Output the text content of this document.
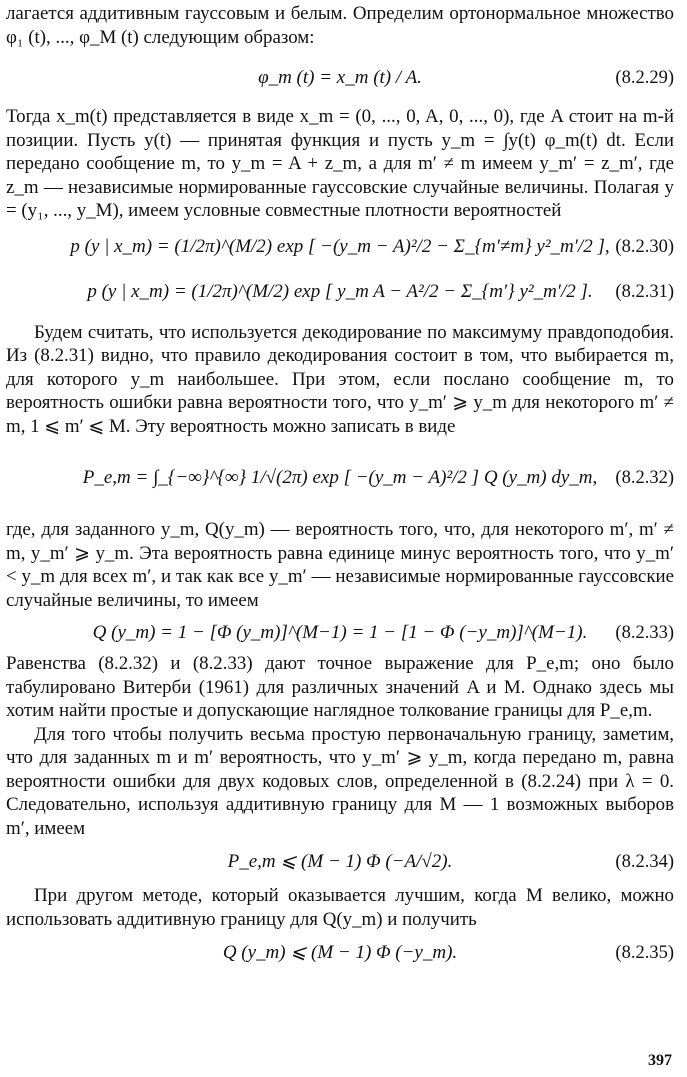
лагается аддитивным гауссовым и белым. Определим ортонормальное множество φ₁ (t), ..., φ_M (t) следующим образом:

φ_m (t) = x_m (t) / A.	(8.2.29)

Тогда x_m(t) представляется в виде x_m = (0, ..., 0, A, 0, ..., 0), где A стоит на m-й позиции. Пусть y(t) — принятая функция и пусть y_m = ∫y(t) φ_m(t) dt. Если передано сообщение m, то y_m = A + z_m, а для m′ ≠ m имеем y_m′ = z_m′, где z_m — независимые нормированные гауссовские случайные величины. Полагая y = (y₁, ..., y_M), имеем условные совместные плотности вероятностей

p (y | x_m) = (1/2π)^(M/2) exp [ −(y_m − A)²/2 − Σ_{m′≠m} y²_m′/2 ], (8.2.30)
p (y | x_m) = (1/2π)^(M/2) exp [ y_m A − A²/2 − Σ_{m′} y²_m′/2 ]. (8.2.31)

Будем считать, что используется декодирование по максимуму правдоподобия. Из (8.2.31) видно, что правило декодирования состоит в том, что выбирается m, для которого y_m наибольшее. При этом, если послано сообщение m, то вероятность ошибки равна вероятности того, что y_m′ ⩾ y_m для некоторого m′ ≠ m, 1 ⩽ m′ ⩽ M. Эту вероятность можно записать в виде

P_e,m = ∫_{−∞}^{∞} 1/√(2π) exp [ −(y_m − A)²/2 ] Q (y_m) dy_m, (8.2.32)

где, для заданного y_m, Q(y_m) — вероятность того, что, для некоторого m′, m′ ≠ m, y_m′ ⩾ y_m. Эта вероятность равна единице минус вероятность того, что y_m′ < y_m для всех m′, и так как все y_m′ — независимые нормированные гауссовские случайные величины, то имеем

Q (y_m) = 1 − [Φ (y_m)]^(M−1) = 1 − [1 − Φ (−y_m)]^(M−1). (8.2.33)

Равенства (8.2.32) и (8.2.33) дают точное выражение для P_e,m; оно было табулировано Витерби (1961) для различных значений A и M. Однако здесь мы хотим найти простые и допускающие наглядное толкование границы для P_e,m.

Для того чтобы получить весьма простую первоначальную границу, заметим, что для заданных m и m′ вероятность, что y_m′ ⩾ y_m, когда передано m, равна вероятности ошибки для двух кодовых слов, определенной в (8.2.24) при λ = 0. Следовательно, используя аддитивную границу для M — 1 возможных выборов m′, имеем

P_e,m ⩽ (M − 1) Φ (−A/√2).	(8.2.34)

При другом методе, который оказывается лучшим, когда M велико, можно использовать аддитивную границу для Q(y_m) и получить

Q (y_m) ⩽ (M − 1) Φ (−y_m).	(8.2.35)
397
